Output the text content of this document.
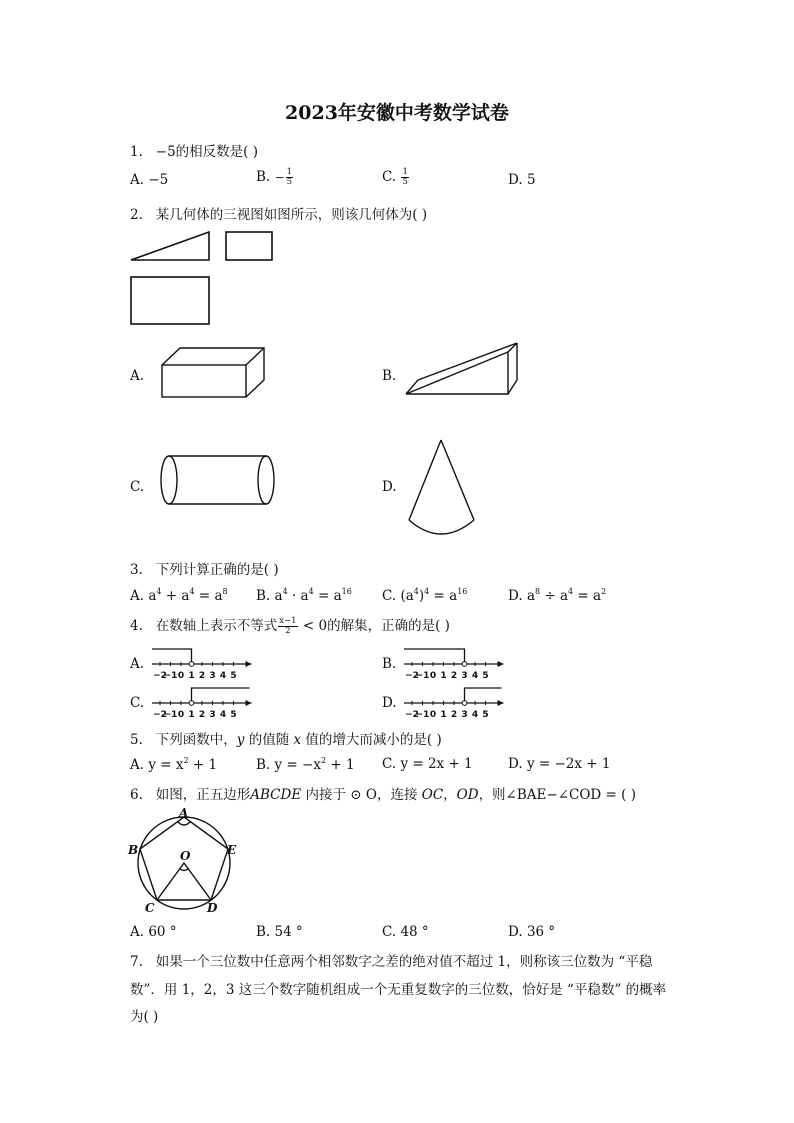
2023年安徽中考数学试卷
1. −5的相反数是( )
A. −5	B. − $\frac{1}{5}$	C. $\frac{1}{5}$	D. 5
2. 某几何体的三视图如图所示，则该几何体为( )
A.	B.
C.	D.
3. 下列计算正确的是( )
A. $a^4 + a^4 = a^8$ B. $a^4 \cdot a^4 = a^{16}$ C. $(a^4)^4 = a^{16}$	D. $a^8 \div a^4 = a^2$
4. 在数轴上表示不等式 $\frac{x-1}{2} < 0$的解集，正确的是( )
A.	B.
C.	D.
−2
−1 0 1 2 3 4 5	−2
−1 0 1 2 3 4 5
−2
−1 0 1 2 3 4 5	−2
−1 0 1 2 3 4 5
5. 下列函数中，y 的值随 x 值的增大而减小的是( )
A. $y = x^2 + 1$	B. $y = -x^2 + 1$ C. y = 2x + 1	D. y = −2x + 1
6. 如图，正五边形ABCDE 内接于 ⊙ O，连接 OC，OD，则∠BAE−∠COD = ( )
A
B	E
O
C	D
A. 60 °	B. 54 °	C. 48 °	D. 36 °
7. 如果一个三位数中任意两个相邻数字之差的绝对值不超过 1，则称该三位数为 “平稳
数”．用 1，2，3 这三个数字随机组成一个无重复数字的三位数，恰好是 “平稳数” 的概率
为( )
